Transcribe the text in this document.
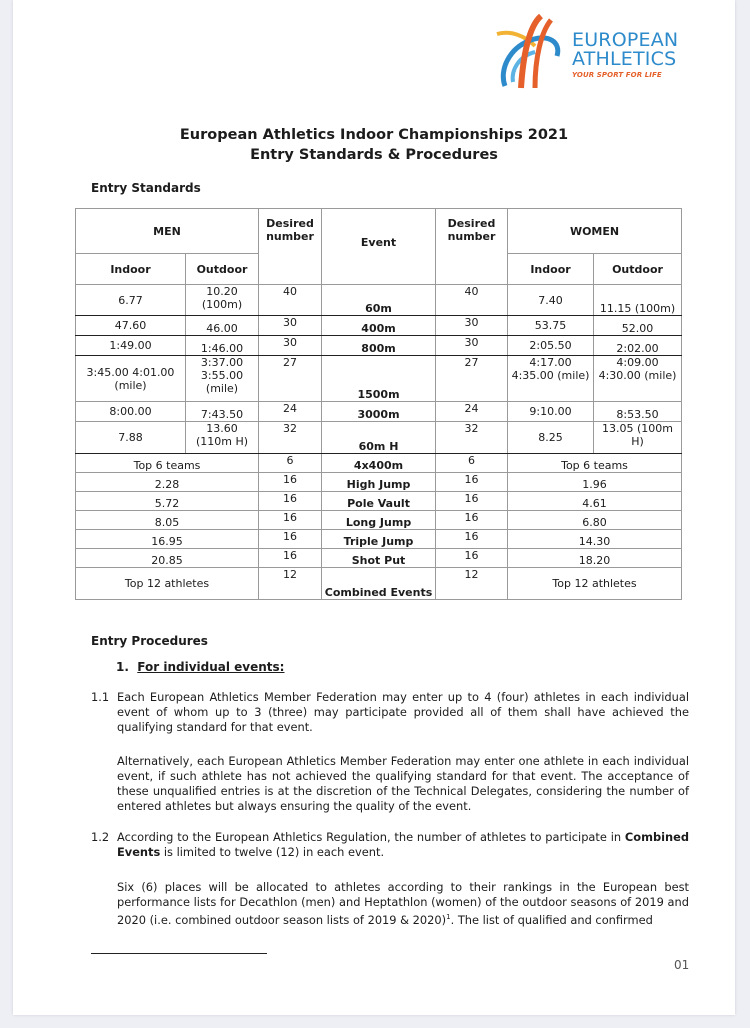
EUROPEAN
ATHLETICS
YOUR SPORT FOR LIFE
European Athletics Indoor Championships 2021
Entry Standards & Procedures
Entry Standards
MEN		Desired number	Event	Desired number	WOMEN	
Indoor	Outdoor				Indoor	Outdoor
6.77	10.20 (100m)	40	60m	40	7.40	11.15 (100m)
47.60	46.00	30	400m	30	53.75	52.00
1:49.00	1:46.00	30	800m	30	2:05.50	2:02.00
3:45.00 4:01.00 (mile)	3:37.00 3:55.00 (mile)	27	1500m	27	4:17.00 4:35.00 (mile)	4:09.00 4:30.00 (mile)
8:00.00	7:43.50	24	3000m	24	9:10.00	8:53.50
7.88	13.60 (110m H)	32	60m H	32	8.25	13.05 (100m H)
Top 6 teams		6	4x400m	6	Top 6 teams	
2.28		16	High Jump	16	1.96	
5.72		16	Pole Vault	16	4.61	
8.05		16	Long Jump	16	6.80	
16.95		16	Triple Jump	16	14.30	
20.85		16	Shot Put	16	18.20	
Top 12 athletes		12	Combined Events	12	Top 12 athletes	
Entry Procedures
1. For individual events:
1.1 Each European Athletics Member Federation may enter up to 4 (four) athletes in each individual event of whom up to 3 (three) may participate provided all of them shall have achieved the qualifying standard for that event.
Alternatively, each European Athletics Member Federation may enter one athlete in each individual event, if such athlete has not achieved the qualifying standard for that event. The acceptance of these unqualified entries is at the discretion of the Technical Delegates, considering the number of entered athletes but always ensuring the quality of the event.
1.2 According to the European Athletics Regulation, the number of athletes to participate in Combined Events is limited to twelve (12) in each event.
Six (6) places will be allocated to athletes according to their rankings in the European best performance lists for Decathlon (men) and Heptathlon (women) of the outdoor seasons of 2019 and 2020 (i.e. combined outdoor season lists of 2019 & 2020)$^1$. The list of qualified and confirmed
01
